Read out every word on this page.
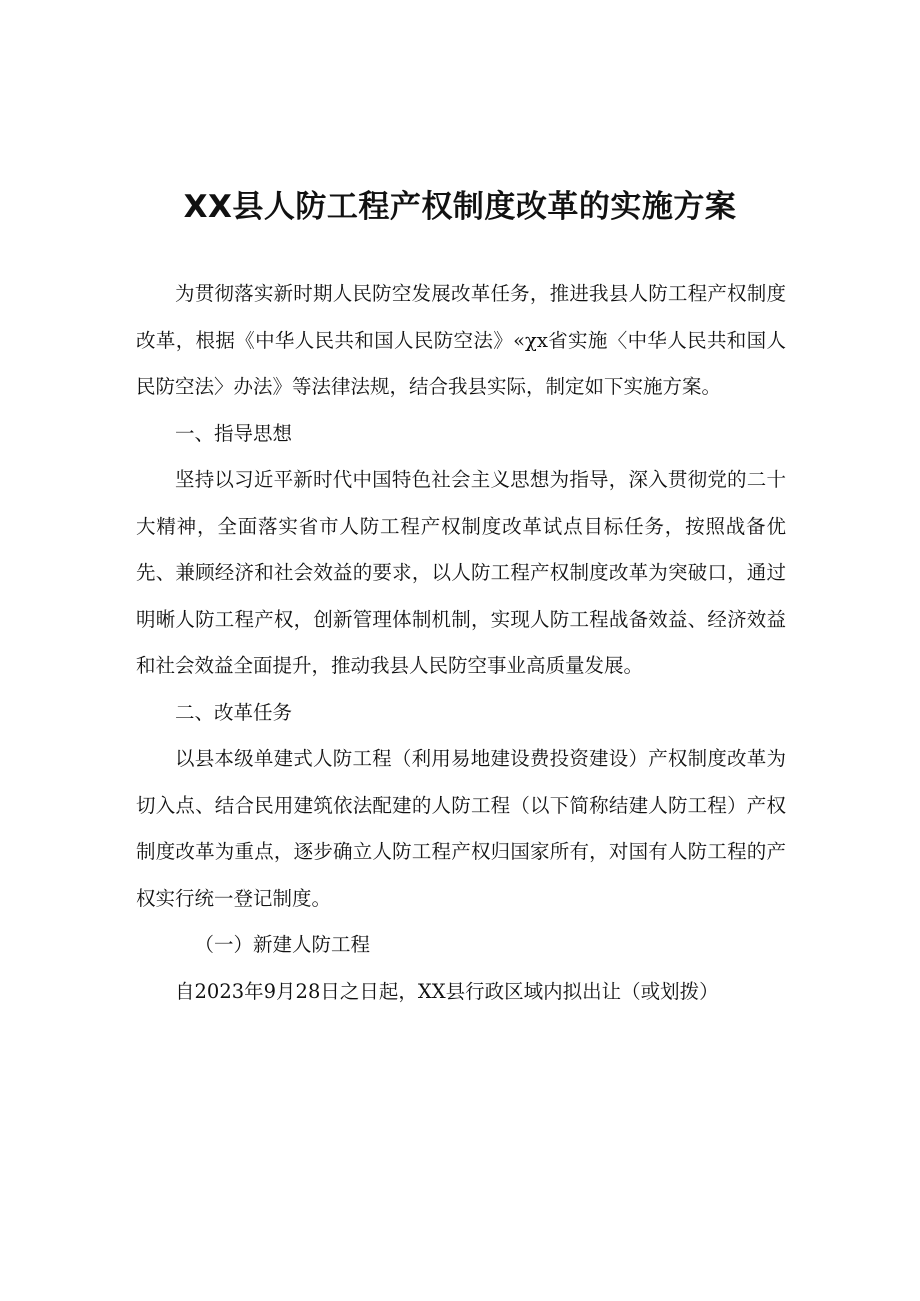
XX县人防工程产权制度改革的实施方案

为贯彻落实新时期人民防空发展改革任务，推进我县人防工程产权制度改革，根据《中华人民共和国人民防空法》«χx省实施〈中华人民共和国人民防空法〉办法》等法律法规，结合我县实际，制定如下实施方案。

一、指导思想

坚持以习近平新时代中国特色社会主义思想为指导，深入贯彻党的二十大精神，全面落实省市人防工程产权制度改革试点目标任务，按照战备优先、兼顾经济和社会效益的要求，以人防工程产权制度改革为突破口，通过明晰人防工程产权，创新管理体制机制，实现人防工程战备效益、经济效益和社会效益全面提升，推动我县人民防空事业高质量发展。

二、改革任务

以县本级单建式人防工程（利用易地建设费投资建设）产权制度改革为切入点、结合民用建筑依法配建的人防工程（以下简称结建人防工程）产权制度改革为重点，逐步确立人防工程产权归国家所有，对国有人防工程的产权实行统一登记制度。

（一）新建人防工程

自2023年9月28日之日起，XX县行政区域内拟出让（或划拨）
